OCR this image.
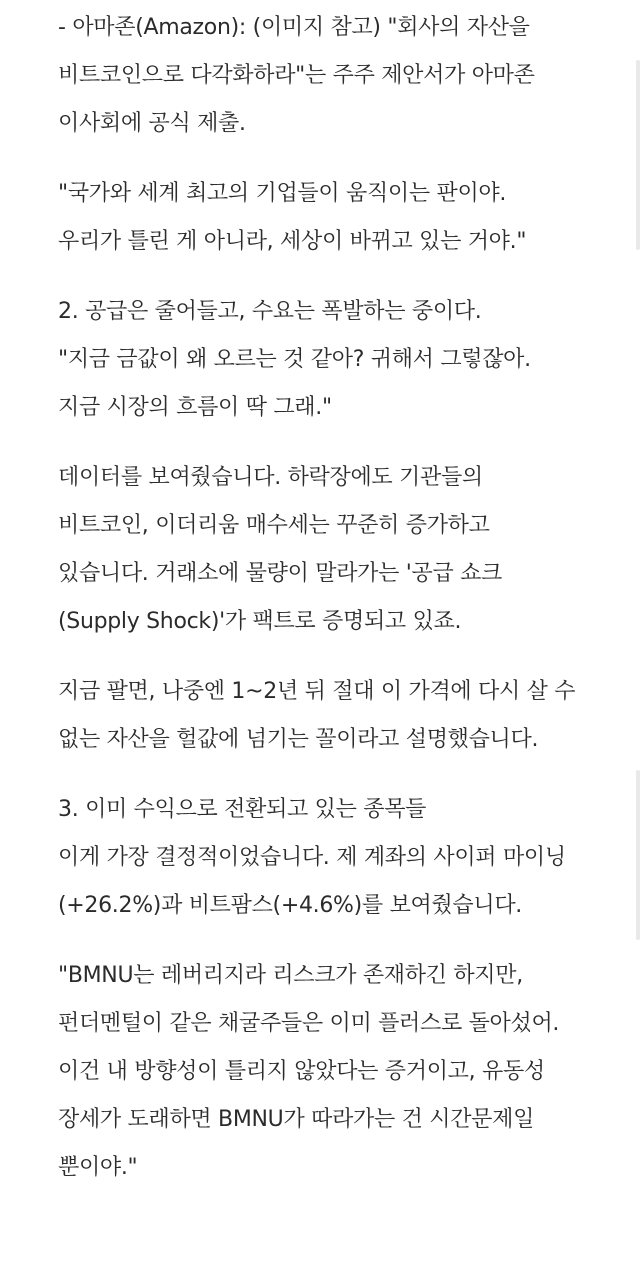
- 아마존(Amazon): (이미지 참고) "회사의 자산을
비트코인으로 다각화하라"는 주주 제안서가 아마존
이사회에 공식 제출.
"국가와 세계 최고의 기업들이 움직이는 판이야.
우리가 틀린 게 아니라, 세상이 바뀌고 있는 거야."
2. 공급은 줄어들고, 수요는 폭발하는 중이다.
"지금 금값이 왜 오르는 것 같아? 귀해서 그렇잖아.
지금 시장의 흐름이 딱 그래."
데이터를 보여줬습니다. 하락장에도 기관들의
비트코인, 이더리움 매수세는 꾸준히 증가하고
있습니다. 거래소에 물량이 말라가는 '공급 쇼크
(Supply Shock)'가 팩트로 증명되고 있죠.
지금 팔면, 나중엔 1~2년 뒤 절대 이 가격에 다시 살 수
없는 자산을 헐값에 넘기는 꼴이라고 설명했습니다.
3. 이미 수익으로 전환되고 있는 종목들
이게 가장 결정적이었습니다. 제 계좌의 사이퍼 마이닝
(+26.2%)과 비트팜스(+4.6%)를 보여줬습니다.
"BMNU는 레버리지라 리스크가 존재하긴 하지만,
펀더멘털이 같은 채굴주들은 이미 플러스로 돌아섰어.
이건 내 방향성이 틀리지 않았다는 증거이고, 유동성
장세가 도래하면 BMNU가 따라가는 건 시간문제일
뿐이야."
